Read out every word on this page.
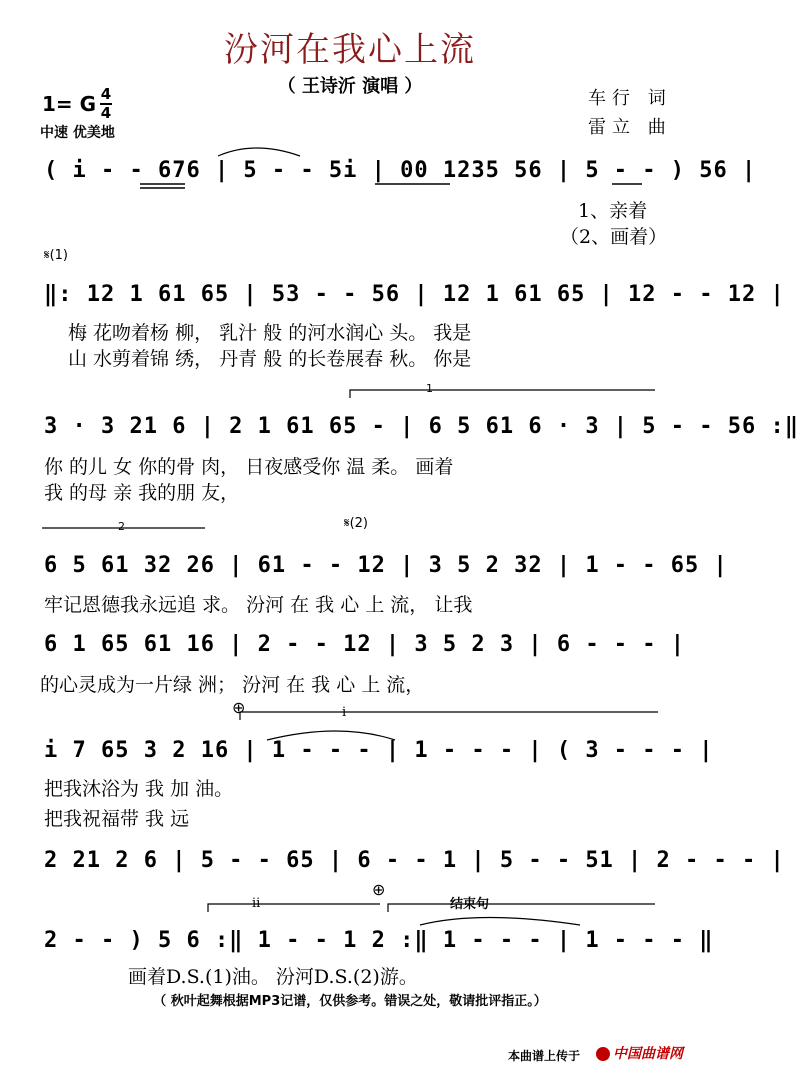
汾河在我心上流
（ 王诗沂 演唱 ）
1= G 4
4
中速 优美地
车行 词
雷立 曲
( i - - 676 | 5 - - 5i | 00 1235 56 | 5 - - ) 56 |
1、亲着
（2、画着）
𝄋(1)
‖: 12 1 61 65 | 53 - - 56 | 12 1 61 65 | 12 - - 12 |
梅 花吻着杨 柳， 乳汁 般 的河水润心 头。 我是
山 水剪着锦 绣， 丹青 般 的长卷展春 秋。 你是
1
3 · 3 21 6 | 2 1 61 65 - | 6 5 61 6 · 3 | 5 - - 56 :‖
你 的儿 女 你的骨 肉， 日夜感受你 温 柔。 画着
我 的母 亲 我的朋 友，
2	𝄋(2)
6 5 61 32 26 | 61 - - 12 | 3 5 2 32 | 1 - - 65 |
牢记恩德我永远追 求。 汾河 在 我 心 上 流， 让我
6 1 65 61 16 | 2 - - 12 | 3 5 2 3 | 6 - - - |
的心灵成为一片绿 洲； 汾河 在 我 心 上 流，
⊕	i
i 7 65 3 2 16 | 1 - - - | 1 - - - | ( 3 - - - |
把我沐浴为 我 加 油。
把我祝福带 我 远
2 21 2 6 | 5 - - 65 | 6 - - 1 | 5 - - 51 | 2 - - - |
ii
⊕
结束句
2 - - ) 5 6 :‖ 1 - - 1 2 :‖ 1 - - - | 1 - - - ‖
画着D.S.(1)油。 汾河D.S.(2)游。
（ 秋叶起舞根据MP3记谱，仅供参考。错误之处，敬请批评指正。）
本曲谱上传于	中国曲谱网
